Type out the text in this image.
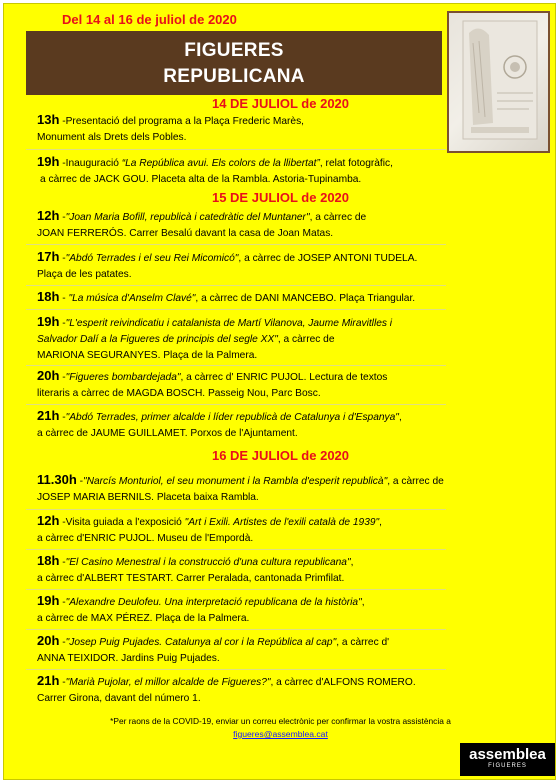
Del 14 al 16 de juliol de 2020
FIGUERES
REPUBLICANA
14 DE JULIOL de 2020
13h -Presentació del programa a la Plaça Frederic Marès,
Monument als Drets dels Pobles.
19h -Inauguració “La República avui. Els colors de la llibertat”, relat fotogràfic,
a càrrec de JACK GOU. Placeta alta de la Rambla. Astoria-Tupinamba.
15 DE JULIOL de 2020
12h -"Joan Maria Bofill, republicà i catedràtic del Muntaner", a càrrec de
JOAN FERRERÓS. Carrer Besalú davant la casa de Joan Matas.
17h -"Abdó Terrades i el seu Rei Micomicó", a càrrec de JOSEP ANTONI TUDELA.
Plaça de les patates.
18h - "La música d'Anselm Clavé", a càrrec de DANI MANCEBO. Plaça Triangular.
19h -"L'esperit reivindicatiu i catalanista de Martí Vilanova, Jaume Miravitlles i
Salvador Dalí a la Figueres de principis del segle XX", a càrrec de
MARIONA SEGURANYES. Plaça de la Palmera.
20h -"Figueres bombardejada", a càrrec d' ENRIC PUJOL. Lectura de textos
literaris a càrrec de MAGDA BOSCH. Passeig Nou, Parc Bosc.
21h -"Abdó Terrades, primer alcalde i líder republicà de Catalunya i d'Espanya",
a càrrec de JAUME GUILLAMET. Porxos de l'Ajuntament.
16 DE JULIOL de 2020
11.30h -"Narcís Monturiol, el seu monument i la Rambla d'esperit republicà", a càrrec de
JOSEP MARIA BERNILS. Placeta baixa Rambla.
12h -Visita guiada a l'exposició "Art i Exili. Artistes de l'exili català de 1939",
a càrrec d'ENRIC PUJOL. Museu de l'Empordà.
18h -"El Casino Menestral i la construcció d'una cultura republicana",
a càrrec d'ALBERT TESTART. Carrer Peralada, cantonada Primfilat.
19h -"Alexandre Deulofeu. Una interpretació republicana de la història",
a càrrec de MAX PÉREZ. Plaça de la Palmera.
20h -"Josep Puig Pujades. Catalunya al cor i la República al cap", a càrrec d'
ANNA TEIXIDOR. Jardins Puig Pujades.
21h -"Marià Pujolar, el millor alcalde de Figueres?", a càrrec d'ALFONS ROMERO.
Carrer Girona, davant del número 1.
*Per raons de la COVID-19, enviar un correu electrònic per confirmar la vostra assistència a
figueres@assemblea.cat
assemblea
FIGUERES
